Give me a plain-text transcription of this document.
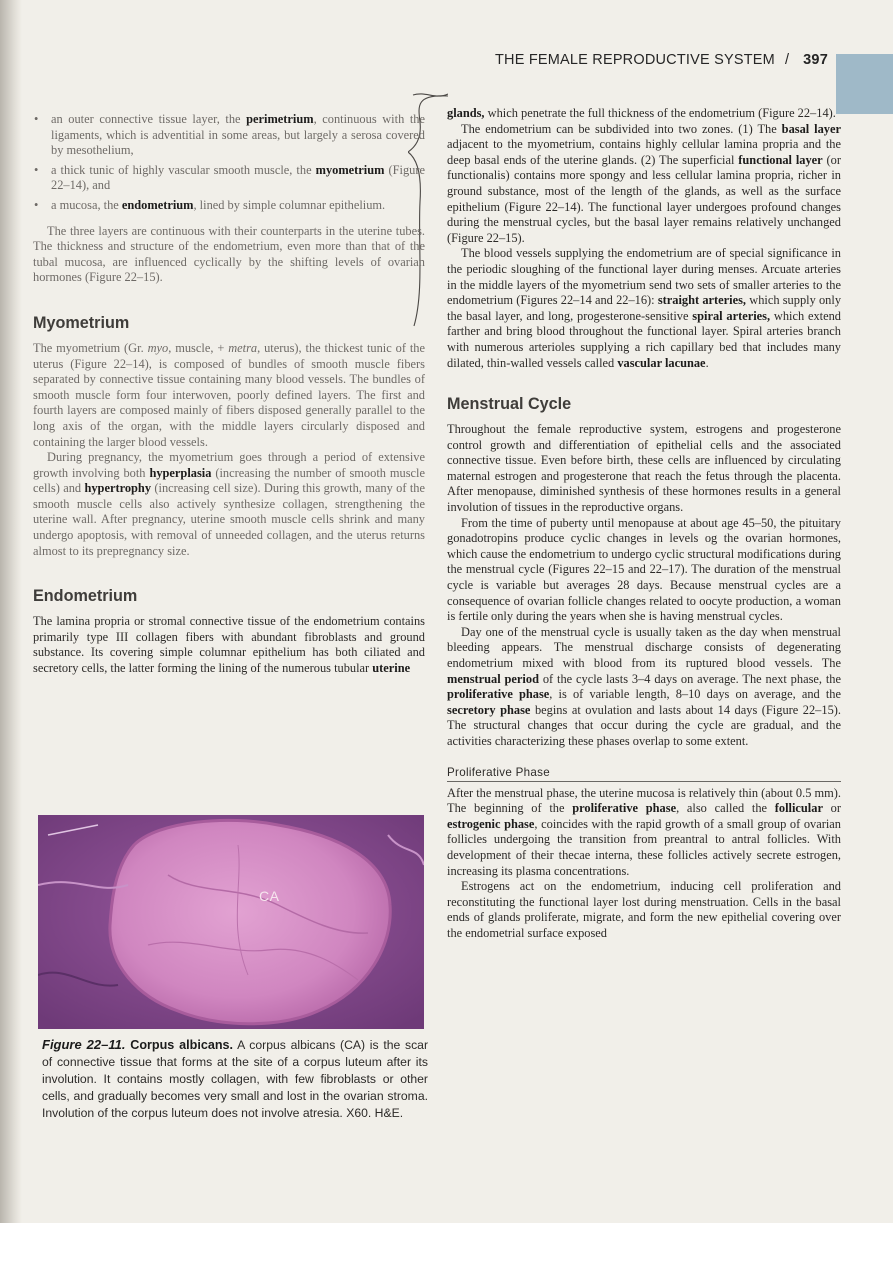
THE FEMALE REPRODUCTIVE SYSTEM / 397
• an outer connective tissue layer, the perimetrium, continuous with the ligaments, which is adventitial in some areas, but largely a serosa covered by mesothelium,
• a thick tunic of highly vascular smooth muscle, the myometrium (Figure 22–14), and
• a mucosa, the endometrium, lined by simple columnar epithelium.

The three layers are continuous with their counterparts in the uterine tubes. The thickness and structure of the endometrium, even more than that of the tubal mucosa, are influenced cyclically by the shifting levels of ovarian hormones (Figure 22–15).

Myometrium

The myometrium (Gr. myo, muscle, + metra, uterus), the thickest tunic of the uterus (Figure 22–14), is composed of bundles of smooth muscle fibers separated by connective tissue containing many blood vessels. The bundles of smooth muscle form four interwoven, poorly defined layers. The first and fourth layers are composed mainly of fibers disposed generally parallel to the long axis of the organ, with the middle layers circularly disposed and containing the larger blood vessels.

During pregnancy, the myometrium goes through a period of extensive growth involving both hyperplasia (increasing the number of smooth muscle cells) and hypertrophy (increasing cell size). During this growth, many of the smooth muscle cells also actively synthesize collagen, strengthening the uterine wall. After pregnancy, uterine smooth muscle cells shrink and many undergo apoptosis, with removal of unneeded collagen, and the uterus returns almost to its prepregnancy size.

Endometrium

The lamina propria or stromal connective tissue of the endometrium contains primarily type III collagen fibers with abundant fibroblasts and ground substance. Its covering simple columnar epithelium has both ciliated and secretory cells, the latter forming the lining of the numerous tubular uterine

CA
Figure 22–11. Corpus albicans. A corpus albicans (CA) is the scar of connective tissue that forms at the site of a corpus luteum after its involution. It contains mostly collagen, with few fibroblasts or other cells, and gradually becomes very small and lost in the ovarian stroma. Involution of the corpus luteum does not involve atresia. X60. H&E.

glands, which penetrate the full thickness of the endometrium (Figure 22–14).

The endometrium can be subdivided into two zones. (1) The basal layer adjacent to the myometrium, contains highly cellular lamina propria and the deep basal ends of the uterine glands. (2) The superficial functional layer (or functionalis) contains more spongy and less cellular lamina propria, richer in ground substance, most of the length of the glands, as well as the surface epithelium (Figure 22–14). The functional layer undergoes profound changes during the menstrual cycles, but the basal layer remains relatively unchanged (Figure 22–15).

The blood vessels supplying the endometrium are of special significance in the periodic sloughing of the functional layer during menses. Arcuate arteries in the middle layers of the myometrium send two sets of smaller arteries to the endometrium (Figures 22–14 and 22–16): straight arteries, which supply only the basal layer, and long, progesterone-sensitive spiral arteries, which extend farther and bring blood throughout the functional layer. Spiral arteries branch with numerous arterioles supplying a rich capillary bed that includes many dilated, thin-walled vessels called vascular lacunae.

Menstrual Cycle

Throughout the female reproductive system, estrogens and progesterone control growth and differentiation of epithelial cells and the associated connective tissue. Even before birth, these cells are influenced by circulating maternal estrogen and progesterone that reach the fetus through the placenta. After menopause, diminished synthesis of these hormones results in a general involution of tissues in the reproductive organs.

From the time of puberty until menopause at about age 45–50, the pituitary gonadotropins produce cyclic changes in levels og the ovarian hormones, which cause the endometrium to undergo cyclic structural modifications during the menstrual cycle (Figures 22–15 and 22–17). The duration of the menstrual cycle is variable but averages 28 days. Because menstrual cycles are a consequence of ovarian follicle changes related to oocyte production, a woman is fertile only during the years when she is having menstrual cycles.

Day one of the menstrual cycle is usually taken as the day when menstrual bleeding appears. The menstrual discharge consists of degenerating endometrium mixed with blood from its ruptured blood vessels. The menstrual period of the cycle lasts 3–4 days on average. The next phase, the proliferative phase, is of variable length, 8–10 days on average, and the secretory phase begins at ovulation and lasts about 14 days (Figure 22–15). The structural changes that occur during the cycle are gradual, and the activities characterizing these phases overlap to some extent.

Proliferative Phase

After the menstrual phase, the uterine mucosa is relatively thin (about 0.5 mm). The beginning of the proliferative phase, also called the follicular or estrogenic phase, coincides with the rapid growth of a small group of ovarian follicles undergoing the transition from preantral to antral follicles. With development of their thecae interna, these follicles actively secrete estrogen, increasing its plasma concentrations.

Estrogens act on the endometrium, inducing cell proliferation and reconstituting the functional layer lost during menstruation. Cells in the basal ends of glands proliferate, migrate, and form the new epithelial covering over the endometrial surface exposed
